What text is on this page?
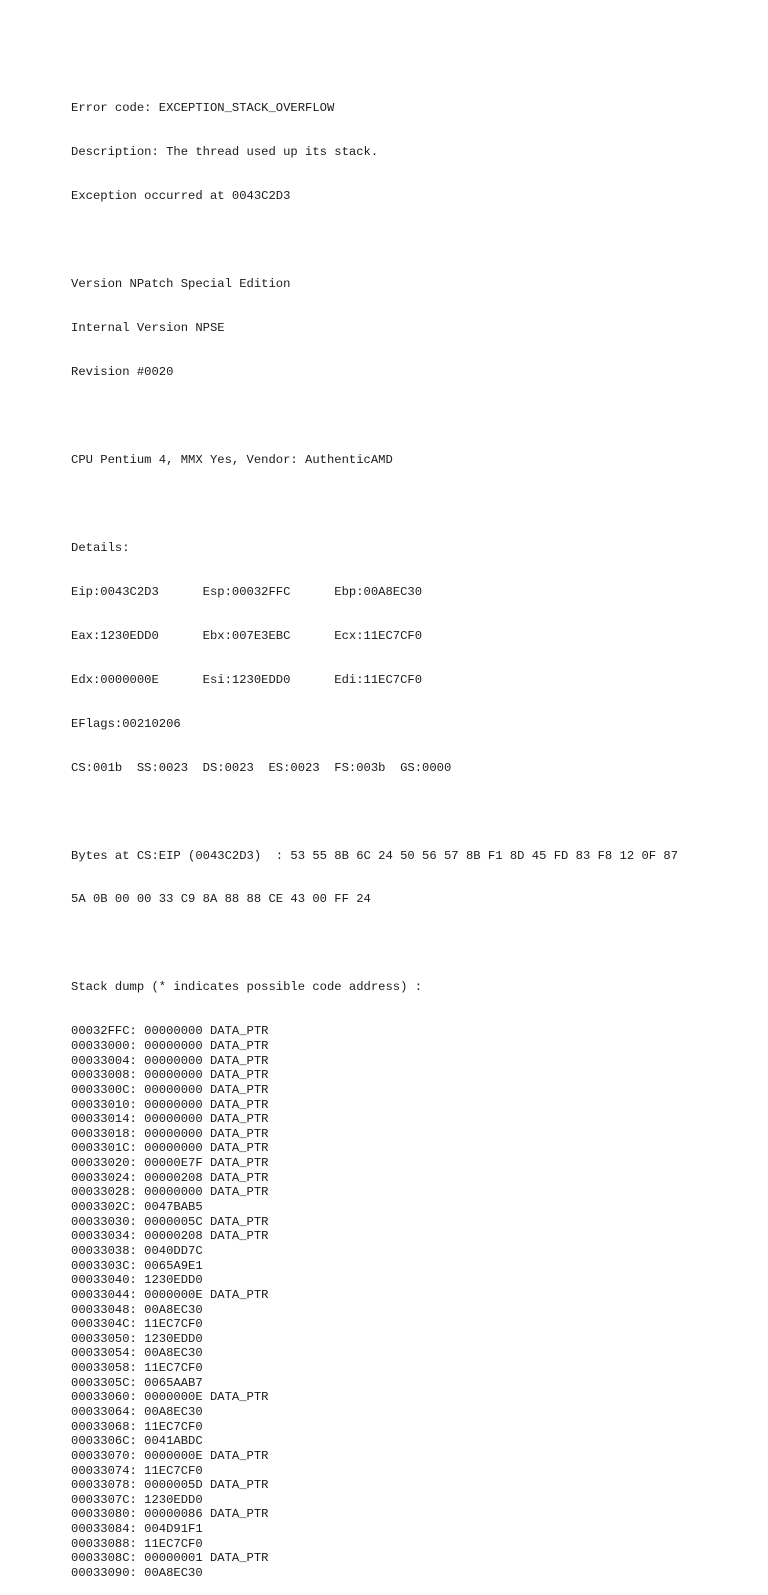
Error code: EXCEPTION_STACK_OVERFLOW

Description: The thread used up its stack.

Exception occurred at 0043C2D3

Version NPatch Special Edition

Internal Version NPSE

Revision #0020

CPU Pentium 4, MMX Yes, Vendor: AuthenticAMD

Details:

Eip:0043C2D3      Esp:00032FFC      Ebp:00A8EC30

Eax:1230EDD0      Ebx:007E3EBC      Ecx:11EC7CF0

Edx:0000000E      Esi:1230EDD0      Edi:11EC7CF0

EFlags:00210206

CS:001b  SS:0023  DS:0023  ES:0023  FS:003b  GS:0000

Bytes at CS:EIP (0043C2D3)  : 53 55 8B 6C 24 50 56 57 8B F1 8D 45 FD 83 F8 12 0F 87

5A 0B 00 00 33 C9 8A 88 88 CE 43 00 FF 24

Stack dump (* indicates possible code address) :

00032FFC: 00000000 DATA_PTR
00033000: 00000000 DATA_PTR
00033004: 00000000 DATA_PTR
00033008: 00000000 DATA_PTR
0003300C: 00000000 DATA_PTR
00033010: 00000000 DATA_PTR
00033014: 00000000 DATA_PTR
00033018: 00000000 DATA_PTR
0003301C: 00000000 DATA_PTR
00033020: 00000E7F DATA_PTR
00033024: 00000208 DATA_PTR
00033028: 00000000 DATA_PTR
0003302C: 0047BAB5
00033030: 0000005C DATA_PTR
00033034: 00000208 DATA_PTR
00033038: 0040DD7C
0003303C: 0065A9E1
00033040: 1230EDD0
00033044: 0000000E DATA_PTR
00033048: 00A8EC30
0003304C: 11EC7CF0
00033050: 1230EDD0
00033054: 00A8EC30
00033058: 11EC7CF0
0003305C: 0065AAB7
00033060: 0000000E DATA_PTR
00033064: 00A8EC30
00033068: 11EC7CF0
0003306C: 0041ABDC
00033070: 0000000E DATA_PTR
00033074: 11EC7CF0
00033078: 0000005D DATA_PTR
0003307C: 1230EDD0
00033080: 00000086 DATA_PTR
00033084: 004D91F1
00033088: 11EC7CF0
0003308C: 00000001 DATA_PTR
00033090: 00A8EC30
